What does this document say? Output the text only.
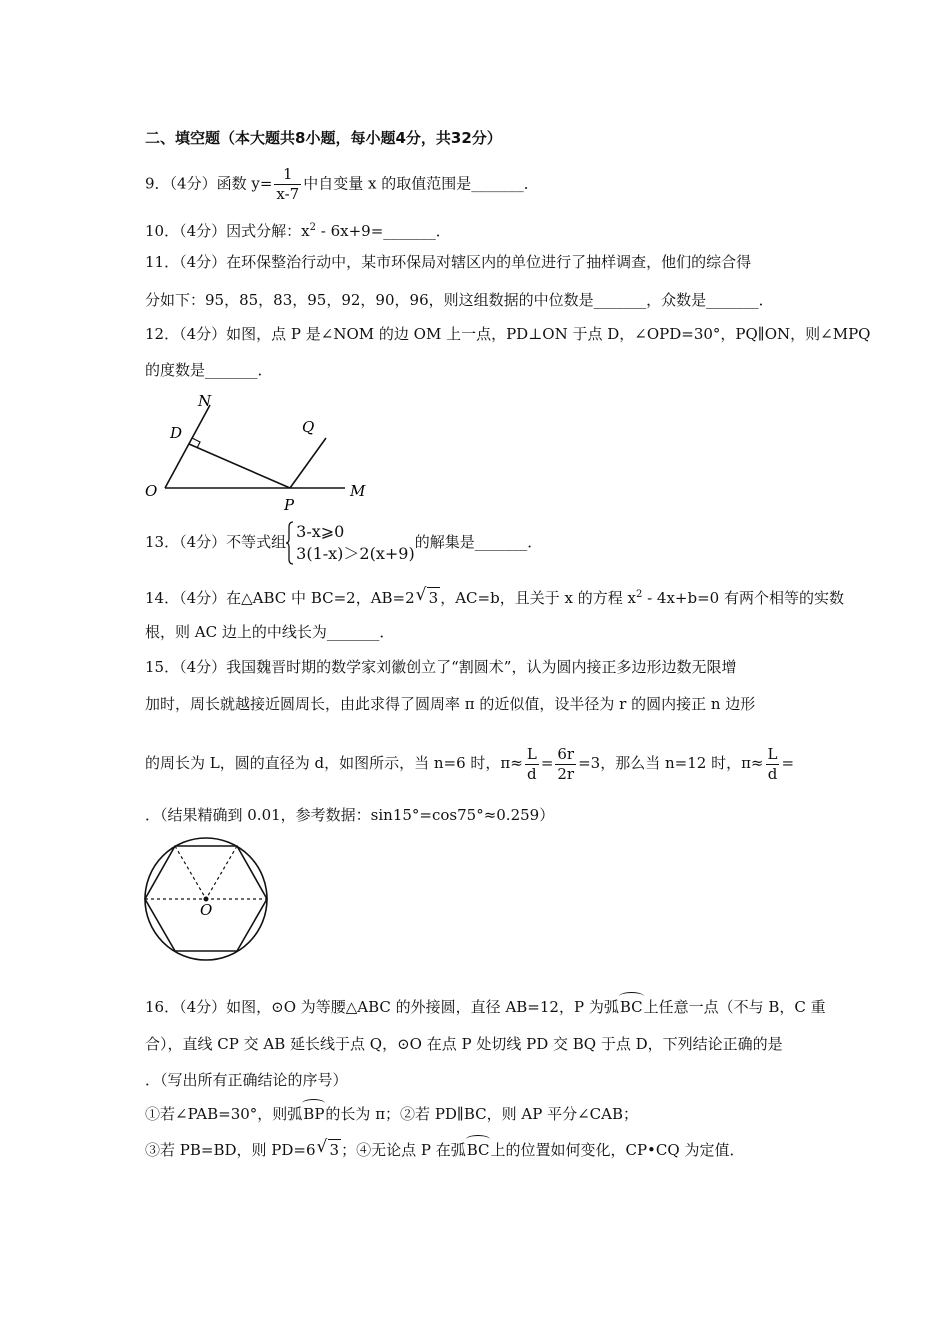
二、填空题（本大题共8小题，每小题4分，共32分）
9．（4分）函数 $y= \frac{1}{x-7}$ 中自变量 x 的取值范围是_______．
10．（4分）因式分解：$x^2$ - 6x+9=_______．
11．（4分）在环保整治行动中，某市环保局对辖区内的单位进行了抽样调查，他们的综合得
分如下：95，85，83，95，92，90，96，则这组数据的中位数是_______，众数是_______．
12．（4分）如图，点 P 是∠NOM 的边 OM 上一点，PD⊥ON 于点 D，∠OPD=30°，PQ∥ON，则∠MPQ
的度数是_______．
N
D	Q
O
P
M
13．（4分）不等式组
3-x⩾0
3(1-x)＞2(x+9)
的解集是_______．
14．（4分）在△ABC 中 BC=2，AB=2 √ 3 ，AC=b，且关于 x 的方程 $x^2 - 4x+b=0$ 有两个相等的实数
根，则 AC 边上的中线长为_______．
15．（4分）我国魏晋时期的数学家刘徽创立了“割圆术”，认为圆内接正多边形边数无限增
加时，周长就越接近圆周长，由此求得了圆周率 π 的近似值，设半径为 r 的圆内接正 n 边形
的周长为 L，圆的直径为 d，如图所示，当 n=6 时，$\pi\approx \frac{L}{d} = \frac{6r}{2r} =3$，那么当 n=12 时，$\pi\approx \frac{L}{d}$ =
．（结果精确到 0.01，参考数据：sin15°=cos75°≈0.259）
O
16．（4分）如图，⊙O 为等腰△ABC 的外接圆，直径 AB=12，P 为弧BC上任意一点（不与 B，C 重
合），直线 CP 交 AB 延长线于点 Q，⊙O 在点 P 处切线 PD 交 BQ 于点 D，下列结论正确的是
．（写出所有正确结论的序号）
①若∠PAB=30°，则弧BP的长为 π；②若 PD∥BC，则 AP 平分∠CAB；
③若 PB=BD，则 PD=6 √ 3 ；④无论点 P 在弧BC上的位置如何变化，CP•CQ 为定值．
